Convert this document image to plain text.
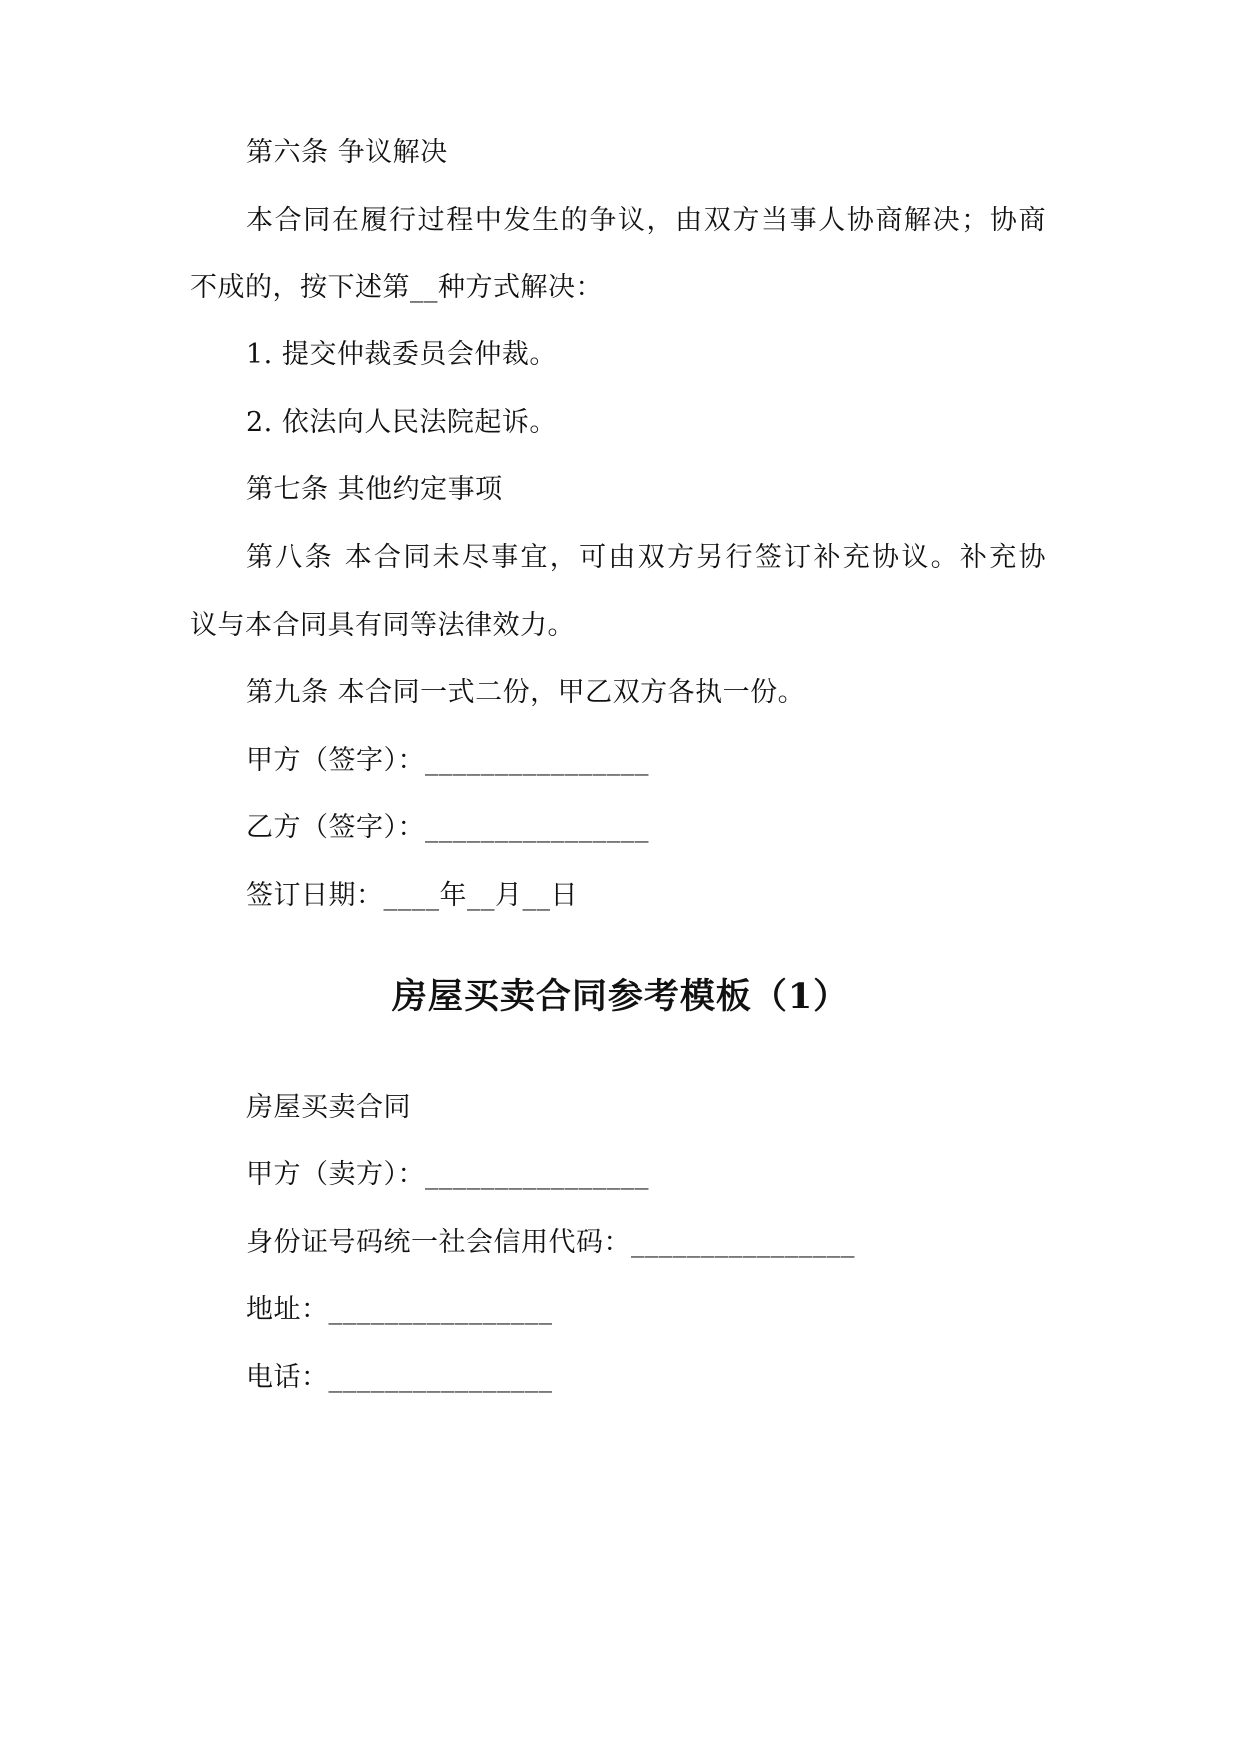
第六条 争议解决
本合同在履行过程中发生的争议，由双方当事人协商解决；协商
不成的，按下述第__种方式解决：
1. 提交仲裁委员会仲裁。
2. 依法向人民法院起诉。
第七条 其他约定事项
第八条 本合同未尽事宜，可由双方另行签订补充协议。补充协
议与本合同具有同等法律效力。
第九条 本合同一式二份，甲乙双方各执一份。
甲方（签字）：________________
乙方（签字）：________________
签订日期：____年__月__日
房屋买卖合同参考模板（1）
房屋买卖合同
甲方（卖方）：________________
身份证号码统一社会信用代码：________________
地址：________________
电话：________________
